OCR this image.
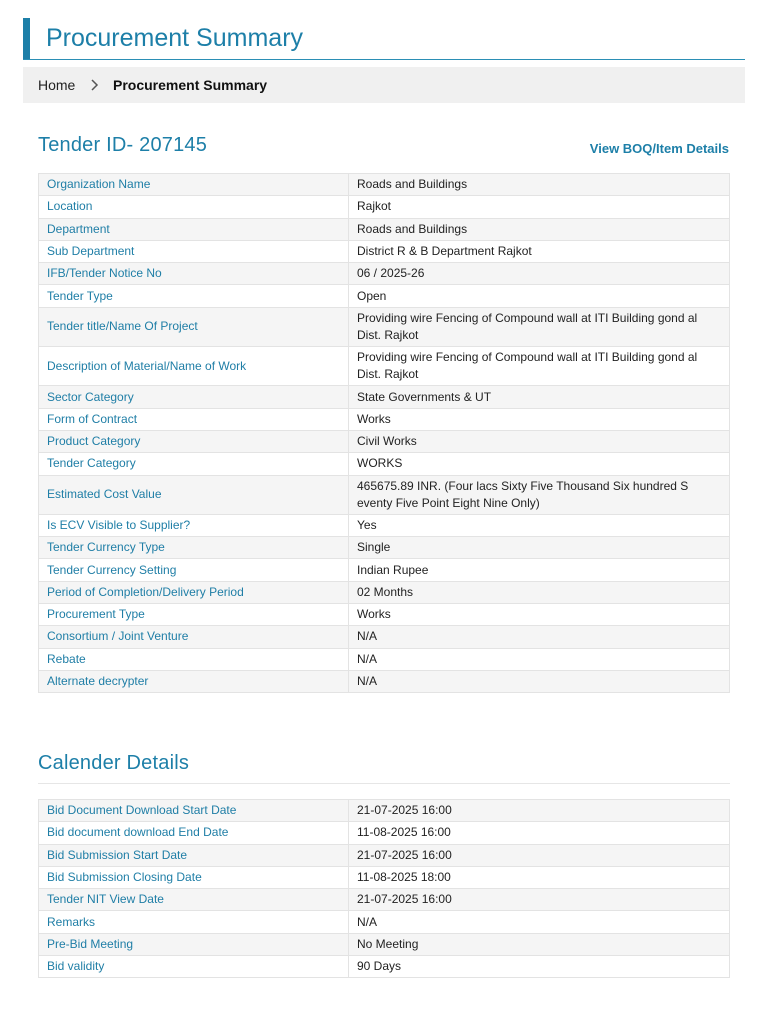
Procurement Summary
Home	Procurement Summary
Tender ID- 207145	View BOQ/Item Details
Organization Name	Roads and Buildings
Location	Rajkot
Department	Roads and Buildings
Sub Department	District R & B Department Rajkot
IFB/Tender Notice No	06 / 2025-26
Tender Type	Open
Tender title/Name Of Project	Providing wire Fencing of Compound wall at ITI Building gond al Dist. Rajkot
Description of Material/Name of Work	Providing wire Fencing of Compound wall at ITI Building gond al Dist. Rajkot
Sector Category	State Governments & UT
Form of Contract	Works
Product Category	Civil Works
Tender Category	WORKS
Estimated Cost Value	465675.89 INR. (Four lacs Sixty Five Thousand Six hundred S eventy Five Point Eight Nine Only)
Is ECV Visible to Supplier?	Yes
Tender Currency Type	Single
Tender Currency Setting	Indian Rupee
Period of Completion/Delivery Period	02 Months
Procurement Type	Works
Consortium / Joint Venture	N/A
Rebate	N/A
Alternate decrypter	N/A
Calender Details
Bid Document Download Start Date	21-07-2025 16:00
Bid document download End Date	11-08-2025 16:00
Bid Submission Start Date	21-07-2025 16:00
Bid Submission Closing Date	11-08-2025 18:00
Tender NIT View Date	21-07-2025 16:00
Remarks	N/A
Pre-Bid Meeting	No Meeting
Bid validity	90 Days
